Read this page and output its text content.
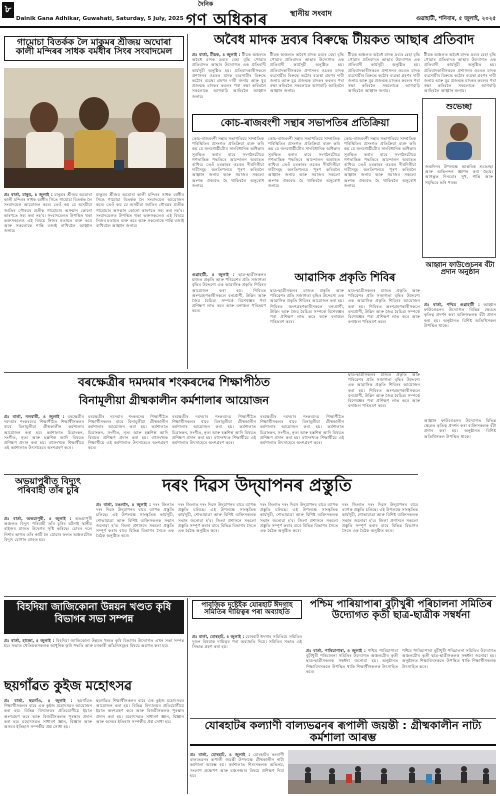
৮
Dainik Gana Adhikar, Guwahati, Saturday, 5 July, 2025
দৈনিক
গণ অধিকাৰ	স্থানীয় সংবাদ
গুৱাহাটী, শনিবাৰ, ৫ জুলাই, ২০২৫
গামোচা বিতৰ্কক লৈ মাকুমৰ শ্ৰীজয় অঘোৰা কালী মন্দিৰৰ সাধক বৰ্মধীৰ সিংৰ সংবাদমেল
প্ৰঃ বাৰ্তা, মাকুম, ৪ জুলাই : মাকুমৰ শ্ৰীজয় অঘোৰা কালী মন্দিৰৰ সাধক বৰ্মধীৰ সিঙে গামোচা বিতৰ্কক লৈ সংবাদমেল আয়োজন কৰে। তেওঁ কয় যে অসমীয়া জাতিৰ গৌৰৱৰ প্ৰতীক গামোচাৰ অসন্মান কোনো কাৰণতে সহ্য কৰা নহ'ব। সংবাদমেলত উপস্থিত থকা ভক্তসকলেও এই বিষয়ে নিজৰ মতামত ব্যক্ত কৰে আৰু সকলোকে শান্তি বজাই ৰাখিবলৈ আহ্বান জনায়।
মাকুমৰ শ্ৰীজয় অঘোৰা কালী মন্দিৰৰ সাধক বৰ্মধীৰ সিঙে গামোচা বিতৰ্কক লৈ সংবাদমেল আয়োজন কৰে। তেওঁ কয় যে অসমীয়া জাতিৰ গৌৰৱৰ প্ৰতীক গামোচাৰ অসন্মান কোনো কাৰণতে সহ্য কৰা নহ'ব। সংবাদমেলত উপস্থিত থকা ভক্তসকলেও এই বিষয়ে নিজৰ মতামত ব্যক্ত কৰে আৰু সকলোকে শান্তি বজাই ৰাখিবলৈ আহ্বান জনায়।
অবৈধ মাদক দ্ৰব্যৰ বিৰুদ্ধে টীয়কত আছাৰ প্ৰতিবাদ
প্ৰঃ বাৰ্তা, টীয়ক, ৪ জুলাই : টীয়ক অঞ্চলত অবৈধ মাদক দ্ৰব্যৰ বেহা বৃদ্ধি পোৱাৰ প্ৰতিবাদত আছাৰ উদ্যোগত এক প্ৰতিবাদী কাৰ্যসূচী অনুষ্ঠিত হয়। প্ৰতিবাদকাৰীসকলে প্ৰশাসনৰ ওচৰত মাদক ব্যৱসায়ীৰ বিৰুদ্ধে কঠোৰ ব্যৱস্থা গ্ৰহণৰ দাবী জনায় আৰু যুৱ প্ৰজন্মক মাদকৰ কবলৰ পৰা ৰক্ষা কৰিবলৈ সকলোকে আগবাঢ়ি আহিবলৈ আহ্বান জনায়।
টীয়ক অঞ্চলত অবৈধ মাদক দ্ৰব্যৰ বেহা বৃদ্ধি পোৱাৰ প্ৰতিবাদত আছাৰ উদ্যোগত এক প্ৰতিবাদী কাৰ্যসূচী অনুষ্ঠিত হয়। প্ৰতিবাদকাৰীসকলে প্ৰশাসনৰ ওচৰত মাদক ব্যৱসায়ীৰ বিৰুদ্ধে কঠোৰ ব্যৱস্থা গ্ৰহণৰ দাবী জনায় আৰু যুৱ প্ৰজন্মক মাদকৰ কবলৰ পৰা ৰক্ষা কৰিবলৈ সকলোকে আগবাঢ়ি আহিবলৈ আহ্বান জনায়।
টীয়ক অঞ্চলত অবৈধ মাদক দ্ৰব্যৰ বেহা বৃদ্ধি পোৱাৰ প্ৰতিবাদত আছাৰ উদ্যোগত এক প্ৰতিবাদী কাৰ্যসূচী অনুষ্ঠিত হয়। প্ৰতিবাদকাৰীসকলে প্ৰশাসনৰ ওচৰত মাদক ব্যৱসায়ীৰ বিৰুদ্ধে কঠোৰ ব্যৱস্থা গ্ৰহণৰ দাবী জনায় আৰু যুৱ প্ৰজন্মক মাদকৰ কবলৰ পৰা ৰক্ষা কৰিবলৈ সকলোকে আগবাঢ়ি আহিবলৈ আহ্বান জনায়।
টীয়ক অঞ্চলত অবৈধ মাদক দ্ৰব্যৰ বেহা বৃদ্ধি পোৱাৰ প্ৰতিবাদত আছাৰ উদ্যোগত এক প্ৰতিবাদী কাৰ্যসূচী অনুষ্ঠিত হয়। প্ৰতিবাদকাৰীসকলে প্ৰশাসনৰ ওচৰত মাদক ব্যৱসায়ীৰ বিৰুদ্ধে কঠোৰ ব্যৱস্থা গ্ৰহণৰ দাবী জনায় আৰু যুৱ প্ৰজন্মক মাদকৰ কবলৰ পৰা ৰক্ষা কৰিবলৈ সকলোকে আগবাঢ়ি আহিবলৈ আহ্বান জনায়।
কোচ-ৰাজবংশী সন্থাৰ সভাপতিৰ প্ৰতিক্ৰিয়া
কোচ-ৰাজবংশী সন্থাৰ সভাপতিয়ে সাম্প্ৰতিক পৰিস্থিতিৰ প্ৰসংগত প্ৰতিক্ৰিয়া ব্যক্ত কৰি কয় যে জনগোষ্ঠীটোৰ সাংবিধানিক অধিকাৰ সুৰক্ষিত কৰাৰ বাবে সংগঠনটোৱে গণতান্ত্ৰিক পদ্ধতিৰে আন্দোলন অব্যাহত ৰাখিব। তেওঁ চৰকাৰৰ ওচৰত দীৰ্ঘদিনীয়া দাবীসমূহ অনতিপলমে পূৰণ কৰিবলৈ আহ্বান জনায় আৰু সমাজৰ সকলো অংশক ঐক্যবদ্ধ হৈ থাকিবলৈ অনুৰোধ জনায়।
কোচ-ৰাজবংশী সন্থাৰ সভাপতিয়ে সাম্প্ৰতিক পৰিস্থিতিৰ প্ৰসংগত প্ৰতিক্ৰিয়া ব্যক্ত কৰি কয় যে জনগোষ্ঠীটোৰ সাংবিধানিক অধিকাৰ সুৰক্ষিত কৰাৰ বাবে সংগঠনটোৱে গণতান্ত্ৰিক পদ্ধতিৰে আন্দোলন অব্যাহত ৰাখিব। তেওঁ চৰকাৰৰ ওচৰত দীৰ্ঘদিনীয়া দাবীসমূহ অনতিপলমে পূৰণ কৰিবলৈ আহ্বান জনায় আৰু সমাজৰ সকলো অংশক ঐক্যবদ্ধ হৈ থাকিবলৈ অনুৰোধ জনায়।
কোচ-ৰাজবংশী সন্থাৰ সভাপতিয়ে সাম্প্ৰতিক পৰিস্থিতিৰ প্ৰসংগত প্ৰতিক্ৰিয়া ব্যক্ত কৰি কয় যে জনগোষ্ঠীটোৰ সাংবিধানিক অধিকাৰ সুৰক্ষিত কৰাৰ বাবে সংগঠনটোৱে গণতান্ত্ৰিক পদ্ধতিৰে আন্দোলন অব্যাহত ৰাখিব। তেওঁ চৰকাৰৰ ওচৰত দীৰ্ঘদিনীয়া দাবীসমূহ অনতিপলমে পূৰণ কৰিবলৈ আহ্বান জনায় আৰু সমাজৰ সকলো অংশক ঐক্যবদ্ধ হৈ থাকিবলৈ অনুৰোধ জনায়।
শুভেচ্ছা
জন্মদিনৰ উপলক্ষে আন্তৰিক শুভেচ্ছা আৰু অভিনন্দন জ্ঞাপন কৰা হৈছে। আগন্তুক দিনবোৰ সুখ, শান্তি আৰু সমৃদ্ধিৰে ভৰি পৰক।
আৱাসিক প্ৰকৃতি শিবিৰ
গুৱাহাটী, ৪ জুলাই : ছাত্ৰ-ছাত্ৰীসকলৰ মাজত প্ৰকৃতি আৰু পৰিৱেশৰ প্ৰতি সজাগতা বৃদ্ধিৰ উদ্দেশ্যে এক আৱাসিক প্ৰকৃতি শিবিৰৰ আয়োজন কৰা হয়। শিবিৰত অংশগ্ৰহণকাৰীসকলে বন্যপ্ৰাণী, উদ্ভিদ আৰু জৈৱ বৈচিত্ৰ্য সম্পৰ্কে বিশেষজ্ঞৰ পৰা প্ৰশিক্ষণ লাভ কৰে আৰু বনাঞ্চল পৰিভ্ৰমণ কৰে।
ছাত্ৰ-ছাত্ৰীসকলৰ মাজত প্ৰকৃতি আৰু পৰিৱেশৰ প্ৰতি সজাগতা বৃদ্ধিৰ উদ্দেশ্যে এক আৱাসিক প্ৰকৃতি শিবিৰৰ আয়োজন কৰা হয়। শিবিৰত অংশগ্ৰহণকাৰীসকলে বন্যপ্ৰাণী, উদ্ভিদ আৰু জৈৱ বৈচিত্ৰ্য সম্পৰ্কে বিশেষজ্ঞৰ পৰা প্ৰশিক্ষণ লাভ কৰে আৰু বনাঞ্চল পৰিভ্ৰমণ কৰে।
ছাত্ৰ-ছাত্ৰীসকলৰ মাজত প্ৰকৃতি আৰু পৰিৱেশৰ প্ৰতি সজাগতা বৃদ্ধিৰ উদ্দেশ্যে এক আৱাসিক প্ৰকৃতি শিবিৰৰ আয়োজন কৰা হয়। শিবিৰত অংশগ্ৰহণকাৰীসকলে বন্যপ্ৰাণী, উদ্ভিদ আৰু জৈৱ বৈচিত্ৰ্য সম্পৰ্কে বিশেষজ্ঞৰ পৰা প্ৰশিক্ষণ লাভ কৰে আৰু বনাঞ্চল পৰিভ্ৰমণ কৰে।
আহ্বান ফাউণ্ডেচনৰ বঁটা প্ৰদান অনুষ্ঠান
প্ৰঃ বাৰ্তা, পশ্চিম গুৱাহাটী : আহ্বান ফাউণ্ডেচনৰ উদ্যোগত বিভিন্ন ক্ষেত্ৰত কৃতিত্ব প্ৰদৰ্শন কৰা ব্যক্তিসকলক বঁটা প্ৰদান কৰা হয়। অনুষ্ঠানত বিশিষ্ট অতিথিসকল উপস্থিত থাকে।
বৰক্ষেত্ৰীৰ দমদমাৰ শংকৰদেৱ শিক্ষাপীঠত
বিনামূলীয়া গ্ৰীষ্মকালীন কৰ্মশালাৰ আয়োজন
প্ৰঃ বাৰ্তা, নলবাৰী, ৪ জুলাই : বৰক্ষেত্ৰীৰ দমদমাৰ শংকৰদেৱ শিক্ষাপীঠত শিক্ষাৰ্থীসকলৰ বাবে বিনামূলীয়া গ্ৰীষ্মকালীন কৰ্মশালাৰ আয়োজন কৰা হয়। কৰ্মশালাত চিত্ৰাংকন, সংগীত, নৃত্য আৰু হস্তশিল্প আদি বিষয়ত প্ৰশিক্ষণ প্ৰদান কৰা হয়। বহুসংখ্যক শিক্ষাৰ্থীয়ে এই কৰ্মশালাত উৎসাহেৰে অংশগ্ৰহণ কৰে।
বৰক্ষেত্ৰীৰ দমদমাৰ শংকৰদেৱ শিক্ষাপীঠত শিক্ষাৰ্থীসকলৰ বাবে বিনামূলীয়া গ্ৰীষ্মকালীন কৰ্মশালাৰ আয়োজন কৰা হয়। কৰ্মশালাত চিত্ৰাংকন, সংগীত, নৃত্য আৰু হস্তশিল্প আদি বিষয়ত প্ৰশিক্ষণ প্ৰদান কৰা হয়। বহুসংখ্যক শিক্ষাৰ্থীয়ে এই কৰ্মশালাত উৎসাহেৰে অংশগ্ৰহণ কৰে।
বৰক্ষেত্ৰীৰ দমদমাৰ শংকৰদেৱ শিক্ষাপীঠত শিক্ষাৰ্থীসকলৰ বাবে বিনামূলীয়া গ্ৰীষ্মকালীন কৰ্মশালাৰ আয়োজন কৰা হয়। কৰ্মশালাত চিত্ৰাংকন, সংগীত, নৃত্য আৰু হস্তশিল্প আদি বিষয়ত প্ৰশিক্ষণ প্ৰদান কৰা হয়। বহুসংখ্যক শিক্ষাৰ্থীয়ে এই কৰ্মশালাত উৎসাহেৰে অংশগ্ৰহণ কৰে।
বৰক্ষেত্ৰীৰ দমদমাৰ শংকৰদেৱ শিক্ষাপীঠত শিক্ষাৰ্থীসকলৰ বাবে বিনামূলীয়া গ্ৰীষ্মকালীন কৰ্মশালাৰ আয়োজন কৰা হয়। কৰ্মশালাত চিত্ৰাংকন, সংগীত, নৃত্য আৰু হস্তশিল্প আদি বিষয়ত প্ৰশিক্ষণ প্ৰদান কৰা হয়। বহুসংখ্যক শিক্ষাৰ্থীয়ে এই কৰ্মশালাত উৎসাহেৰে অংশগ্ৰহণ কৰে।
ছাত্ৰ-ছাত্ৰীসকলৰ মাজত প্ৰকৃতি আৰু পৰিৱেশৰ প্ৰতি সজাগতা বৃদ্ধিৰ উদ্দেশ্যে এক আৱাসিক প্ৰকৃতি শিবিৰৰ আয়োজন কৰা হয়। শিবিৰত অংশগ্ৰহণকাৰীসকলে বন্যপ্ৰাণী, উদ্ভিদ আৰু জৈৱ বৈচিত্ৰ্য সম্পৰ্কে বিশেষজ্ঞৰ পৰা প্ৰশিক্ষণ লাভ কৰে আৰু বনাঞ্চল পৰিভ্ৰমণ কৰে।
অভয়াপুৰীত বিদ্যুৎ পৰিবাহী তাঁৰ চুৰি
প্ৰঃ বাৰ্তা, অভয়াপুৰী, ৪ জুলাই : অভয়াপুৰী অঞ্চলত বিদ্যুৎ পৰিবাহী তাঁৰ চুৰিৰ ঘটনাই স্থানীয় ৰাইজৰ মাজত উদ্বেগৰ সৃষ্টি কৰিছে। চোৰৰ দলে নিশাৰ ভাগত তাঁৰ কাটি লৈ যোৱাৰ ফলত অঞ্চলটোত বিদ্যুৎ যোগান ব্যাহত হয়।
দৰং দিৱস উদ্‌যাপনৰ প্ৰস্তুতি
প্ৰঃ বাৰ্তা, মঙলদৈ, ৪ জুলাই : দৰং জিলাত দৰং দিৱস উদ্‌যাপনৰ বাবে ব্যাপক প্ৰস্তুতি চলিছে। এই উপলক্ষে সাংস্কৃতিক কাৰ্যসূচী, শোভাযাত্ৰা আৰু বিশিষ্ট ব্যক্তিসকলক সন্মান জনোৱা হ'ব। জিলা প্ৰশাসনে সকলো প্ৰস্তুতি সম্পূৰ্ণ কৰাৰ বাবে বিভিন্ন বিভাগৰ সৈতে এক বৈঠক অনুষ্ঠিত কৰে।
দৰং জিলাত দৰং দিৱস উদ্‌যাপনৰ বাবে ব্যাপক প্ৰস্তুতি চলিছে। এই উপলক্ষে সাংস্কৃতিক কাৰ্যসূচী, শোভাযাত্ৰা আৰু বিশিষ্ট ব্যক্তিসকলক সন্মান জনোৱা হ'ব। জিলা প্ৰশাসনে সকলো প্ৰস্তুতি সম্পূৰ্ণ কৰাৰ বাবে বিভিন্ন বিভাগৰ সৈতে এক বৈঠক অনুষ্ঠিত কৰে।
দৰং জিলাত দৰং দিৱস উদ্‌যাপনৰ বাবে ব্যাপক প্ৰস্তুতি চলিছে। এই উপলক্ষে সাংস্কৃতিক কাৰ্যসূচী, শোভাযাত্ৰা আৰু বিশিষ্ট ব্যক্তিসকলক সন্মান জনোৱা হ'ব। জিলা প্ৰশাসনে সকলো প্ৰস্তুতি সম্পূৰ্ণ কৰাৰ বাবে বিভিন্ন বিভাগৰ সৈতে এক বৈঠক অনুষ্ঠিত কৰে।
দৰং জিলাত দৰং দিৱস উদ্‌যাপনৰ বাবে ব্যাপক প্ৰস্তুতি চলিছে। এই উপলক্ষে সাংস্কৃতিক কাৰ্যসূচী, শোভাযাত্ৰা আৰু বিশিষ্ট ব্যক্তিসকলক সন্মান জনোৱা হ'ব। জিলা প্ৰশাসনে সকলো প্ৰস্তুতি সম্পূৰ্ণ কৰাৰ বাবে বিভিন্ন বিভাগৰ সৈতে এক বৈঠক অনুষ্ঠিত কৰে।
আহ্বান ফাউণ্ডেচনৰ উদ্যোগত বিভিন্ন ক্ষেত্ৰত কৃতিত্ব প্ৰদৰ্শন কৰা ব্যক্তিসকলক বঁটা প্ৰদান কৰা হয়। অনুষ্ঠানত বিশিষ্ট অতিথিসকল উপস্থিত থাকে।
বিহদিয়া জাজিকোনা উন্নয়ন খণ্ডত কৃষি বিভাগৰ সভা সম্পন্ন
প্ৰঃ বাৰ্তা, হাজো, ৪ জুলাই : বিহদিয়া জাজিকোনা উন্নয়ন খণ্ডত কৃষি বিভাগৰ উদ্যোগত এখন সভা সম্পন্ন হয়। সভাত খেতিয়কসকলক আধুনিক কৃষি পদ্ধতি আৰু চৰকাৰী আঁচনিসমূহৰ বিষয়ে অৱগত কৰা হয়।
ছয়গাঁৱত কুইজ মহোৎসৱ
প্ৰঃ বাৰ্তা, ছয়গাঁও, ৪ জুলাই : ছয়গাঁৱত শিক্ষাৰ্থীসকলৰ বাবে এক কুইজ মহোৎসৱৰ আয়োজন কৰা হয়। বিভিন্ন বিদ্যালয়ৰ প্ৰতিযোগীয়ে ইয়াত অংশগ্ৰহণ কৰে আৰু বিজয়ীসকলক পুৰস্কাৰ প্ৰদান কৰা হয়। মহোৎসৱত সাধাৰণ জ্ঞান, বিজ্ঞান আৰু অসমৰ ইতিহাস সম্পৰ্কীয় প্ৰশ্ন সোধা হয়।
ছয়গাঁৱত শিক্ষাৰ্থীসকলৰ বাবে এক কুইজ মহোৎসৱৰ আয়োজন কৰা হয়। বিভিন্ন বিদ্যালয়ৰ প্ৰতিযোগীয়ে ইয়াত অংশগ্ৰহণ কৰে আৰু বিজয়ীসকলক পুৰস্কাৰ প্ৰদান কৰা হয়। মহোৎসৱত সাধাৰণ জ্ঞান, বিজ্ঞান আৰু অসমৰ ইতিহাস সম্পৰ্কীয় প্ৰশ্ন সোধা হয়।
পাবজিক দুষ্টেইক যোৰহাট ঈদগাহ সমিতিৰ দায়িত্বৰ পৰা অব্যাহতি
প্ৰঃ বাৰ্তা, যোৰহাট, ৪ জুলাই : যোৰহাট ঈদগাহ সমিতিয়ে সমিতিৰ দুজন বিষয়াক দায়িত্বৰ পৰা অব্যাহতি দিয়ে। সমিতিৰ সভাত এই সিদ্ধান্ত গ্ৰহণ কৰা হয়।
পশ্চিম পাৰিয়াপাৰা বুঢ়ীখুৰী পৰিচালনা সমিতিৰ উদ্যোগত কৃতী ছাত্ৰ-ছাত্ৰীক সম্বৰ্ধনা
প্ৰঃ বাৰ্তা, পাৰিয়াপাৰা, ৪ জুলাই : পশ্চিম পাৰিয়াপাৰা বুঢ়ীখুৰী পৰিচালনা সমিতিৰ উদ্যোগত অঞ্চলটোৰ কৃতী ছাত্ৰ-ছাত্ৰীসকলক সম্বৰ্ধনা জনোৱা হয়। অনুষ্ঠানত শিক্ষাবিদসকলে উপস্থিত থাকি শিক্ষাৰ্থীসকলক উৎসাহিত কৰে।
পশ্চিম পাৰিয়াপাৰা বুঢ়ীখুৰী পৰিচালনা সমিতিৰ উদ্যোগত অঞ্চলটোৰ কৃতী ছাত্ৰ-ছাত্ৰীসকলক সম্বৰ্ধনা জনোৱা হয়। অনুষ্ঠানত শিক্ষাবিদসকলে উপস্থিত থাকি শিক্ষাৰ্থীসকলক উৎসাহিত কৰে।
যোৰহাটৰ কল্যাণী বাল্যভৱনৰ ৰূপালী জয়ন্তী : গ্ৰীষ্মকালীন নাট্য কৰ্মশালা আৰম্ভ
প্ৰঃ বাৰ্তা, যোৰহাট, ৪ জুলাই : যোৰহাটৰ কল্যাণী বাল্যভৱনৰ ৰূপালী জয়ন্তী উপলক্ষে গ্ৰীষ্মকালীন নাট্য কৰ্মশালা আৰম্ভ হয়। কৰ্মশালাত শিশুসকলক অভিনয়, সংলাপ প্ৰক্ষেপণ আৰু মঞ্চসজ্জাৰ বিষয়ে প্ৰশিক্ষণ দিয়া হয়।
